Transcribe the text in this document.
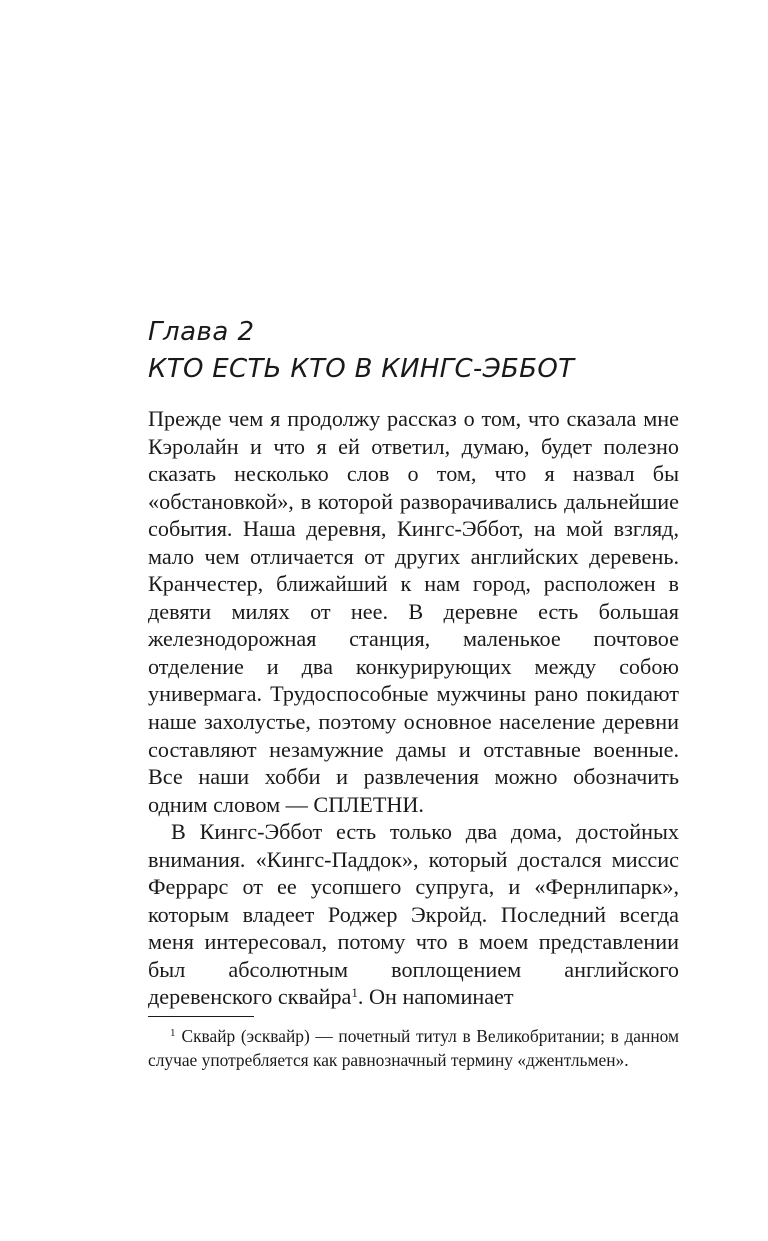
Глава 2
КТО ЕСТЬ КТО В КИНГС-ЭББОТ

Прежде чем я продолжу рассказ о том, что сказала мне Кэролайн и что я ей ответил, думаю, будет полезно сказать несколько слов о том, что я назвал бы «обстановкой», в которой разворачивались дальнейшие события. Наша деревня, Кингс-Эббот, на мой взгляд, мало чем отличается от других английских деревень. Кранчестер, ближайший к нам город, расположен в девяти милях от нее. В деревне есть большая железнодорожная станция, маленькое почтовое отделение и два конкурирующих между собою универмага. Трудоспособные мужчины рано покидают наше захолустье, поэтому основное население деревни составляют незамужние дамы и отставные военные. Все наши хобби и развлечения можно обозначить одним словом — СПЛЕТНИ.

В Кингс-Эббот есть только два дома, достойных внимания. «Кингс-Паддок», который достался миссис Феррарс от ее усопшего супруга, и «Фернлипарк», которым владеет Роджер Экройд. Последний всегда меня интересовал, потому что в моем представлении был абсолютным воплощением английского деревенского сквайра$^1$. Он напоминает

$^1$ Сквайр (эсквайр) — почетный титул в Великобритании; в данном случае употребляется как равнозначный термину «джентльмен».
